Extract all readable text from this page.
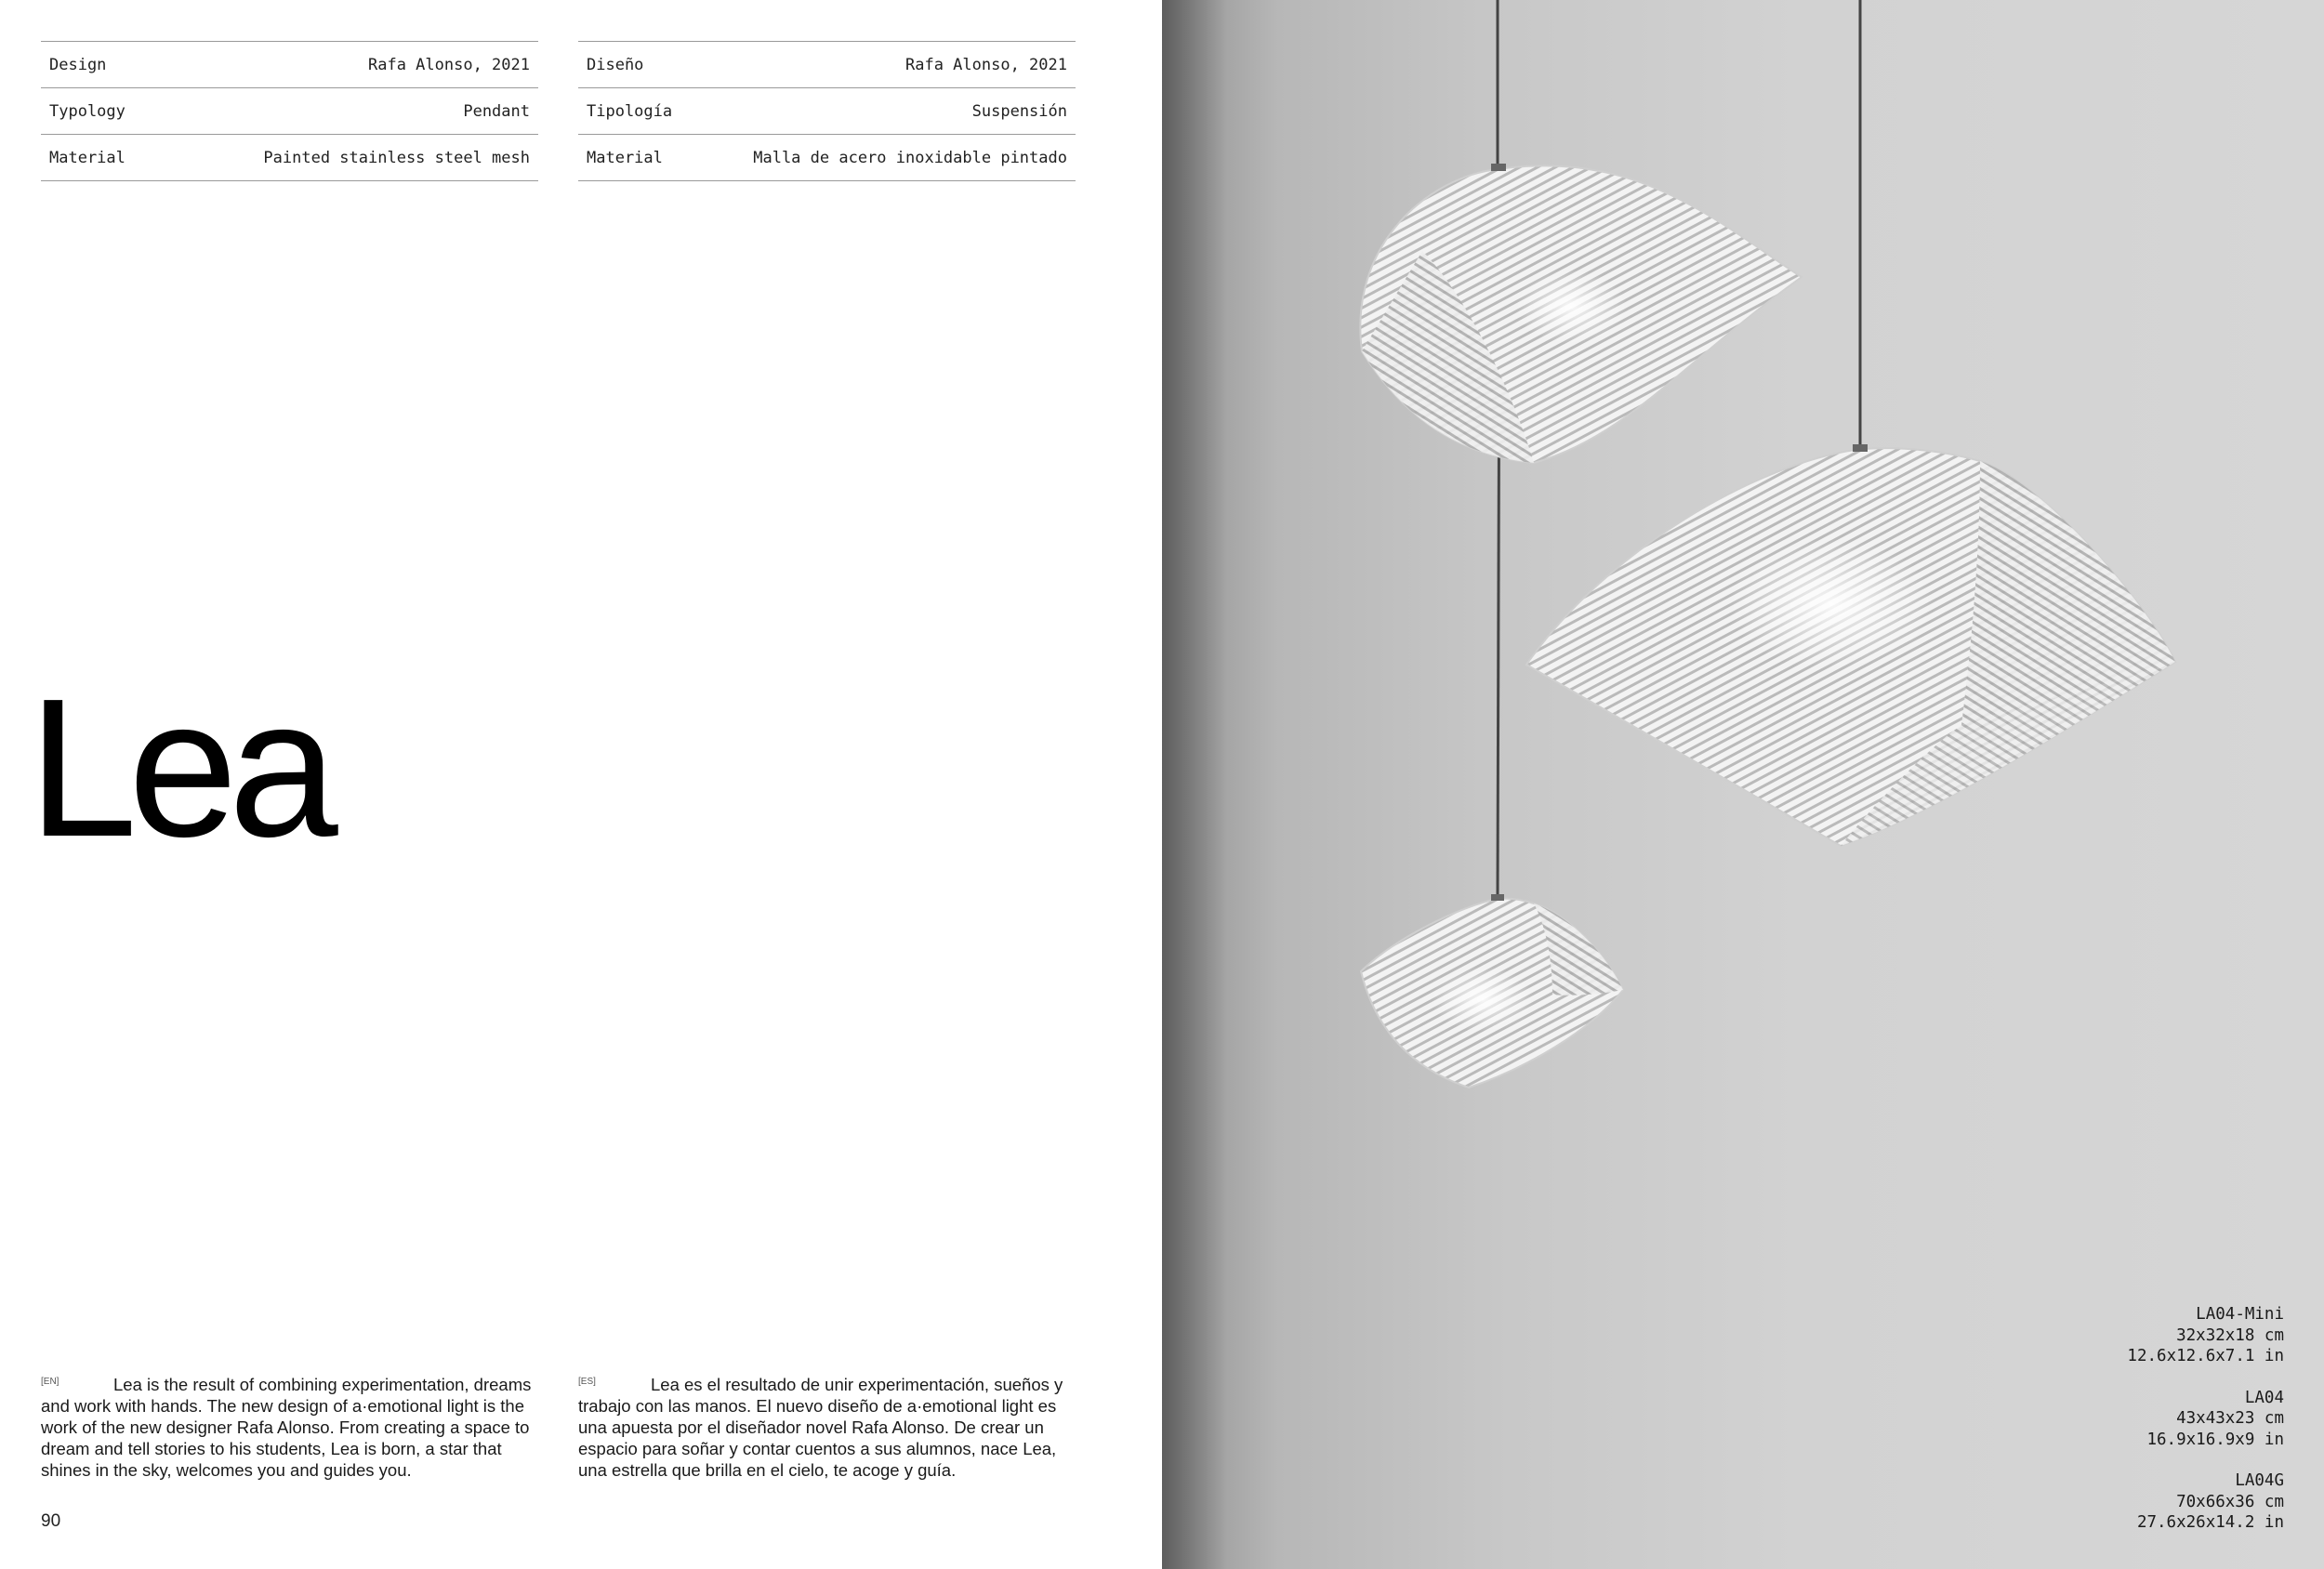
Design	Rafa Alonso, 2021
Typology	Pendant
Material	Painted stainless steel mesh
Diseño	Rafa Alonso, 2021
Tipología	Suspensión
Material	Malla de acero inoxidable pintado
Lea
[EN]	Lea is the result of combining experimentation, dreams and work with hands. The new design of a·emotional light is the work of the new designer Rafa Alonso. From creating a space to dream and tell stories to his students, Lea is born, a star that shines in the sky, welcomes you and guides you.
[ES]	Lea es el resultado de unir experimentación, sueños y trabajo con las manos. El nuevo diseño de a·emotional light es una apuesta por el diseñador novel Rafa Alonso. De crear un espacio para soñar y contar cuentos a sus alumnos, nace Lea, una estrella que brilla en el cielo, te acoge y guía.
90
LA04-Mini
32x32x18 cm
12.6x12.6x7.1 in
LA04
43x43x23 cm
16.9x16.9x9 in
LA04G
70x66x36 cm
27.6x26x14.2 in
